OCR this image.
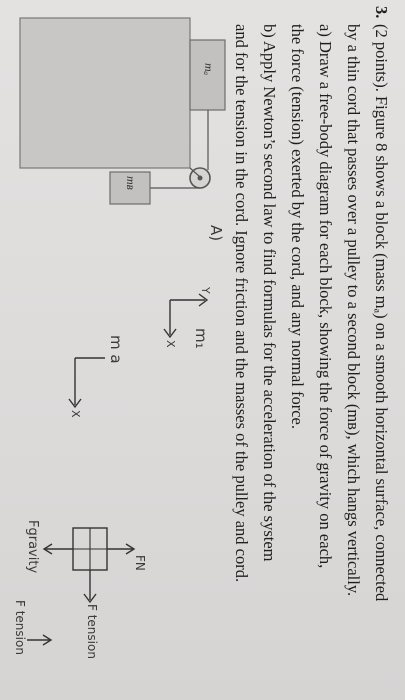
mₐ
mʙ
3.
(2 points). Figure 8 shows a block (mass mₐ) on a smooth horizontal surface, connected
by a thin cord that passes over a pulley to a second block (mʙ), which hangs vertically.
a) Draw a free-body diagram for each block, showing the force of gravity on each,
the force (tension) exerted by the cord, and any normal force.
b) Apply Newton’s second law to find formulas for the acceleration of the system
and for the tension in the cord. Ignore friction and the masses of the pulley and cord.
A)
m₁
Y
X
m a
X
FN
F tension
Fgravity
F tension
